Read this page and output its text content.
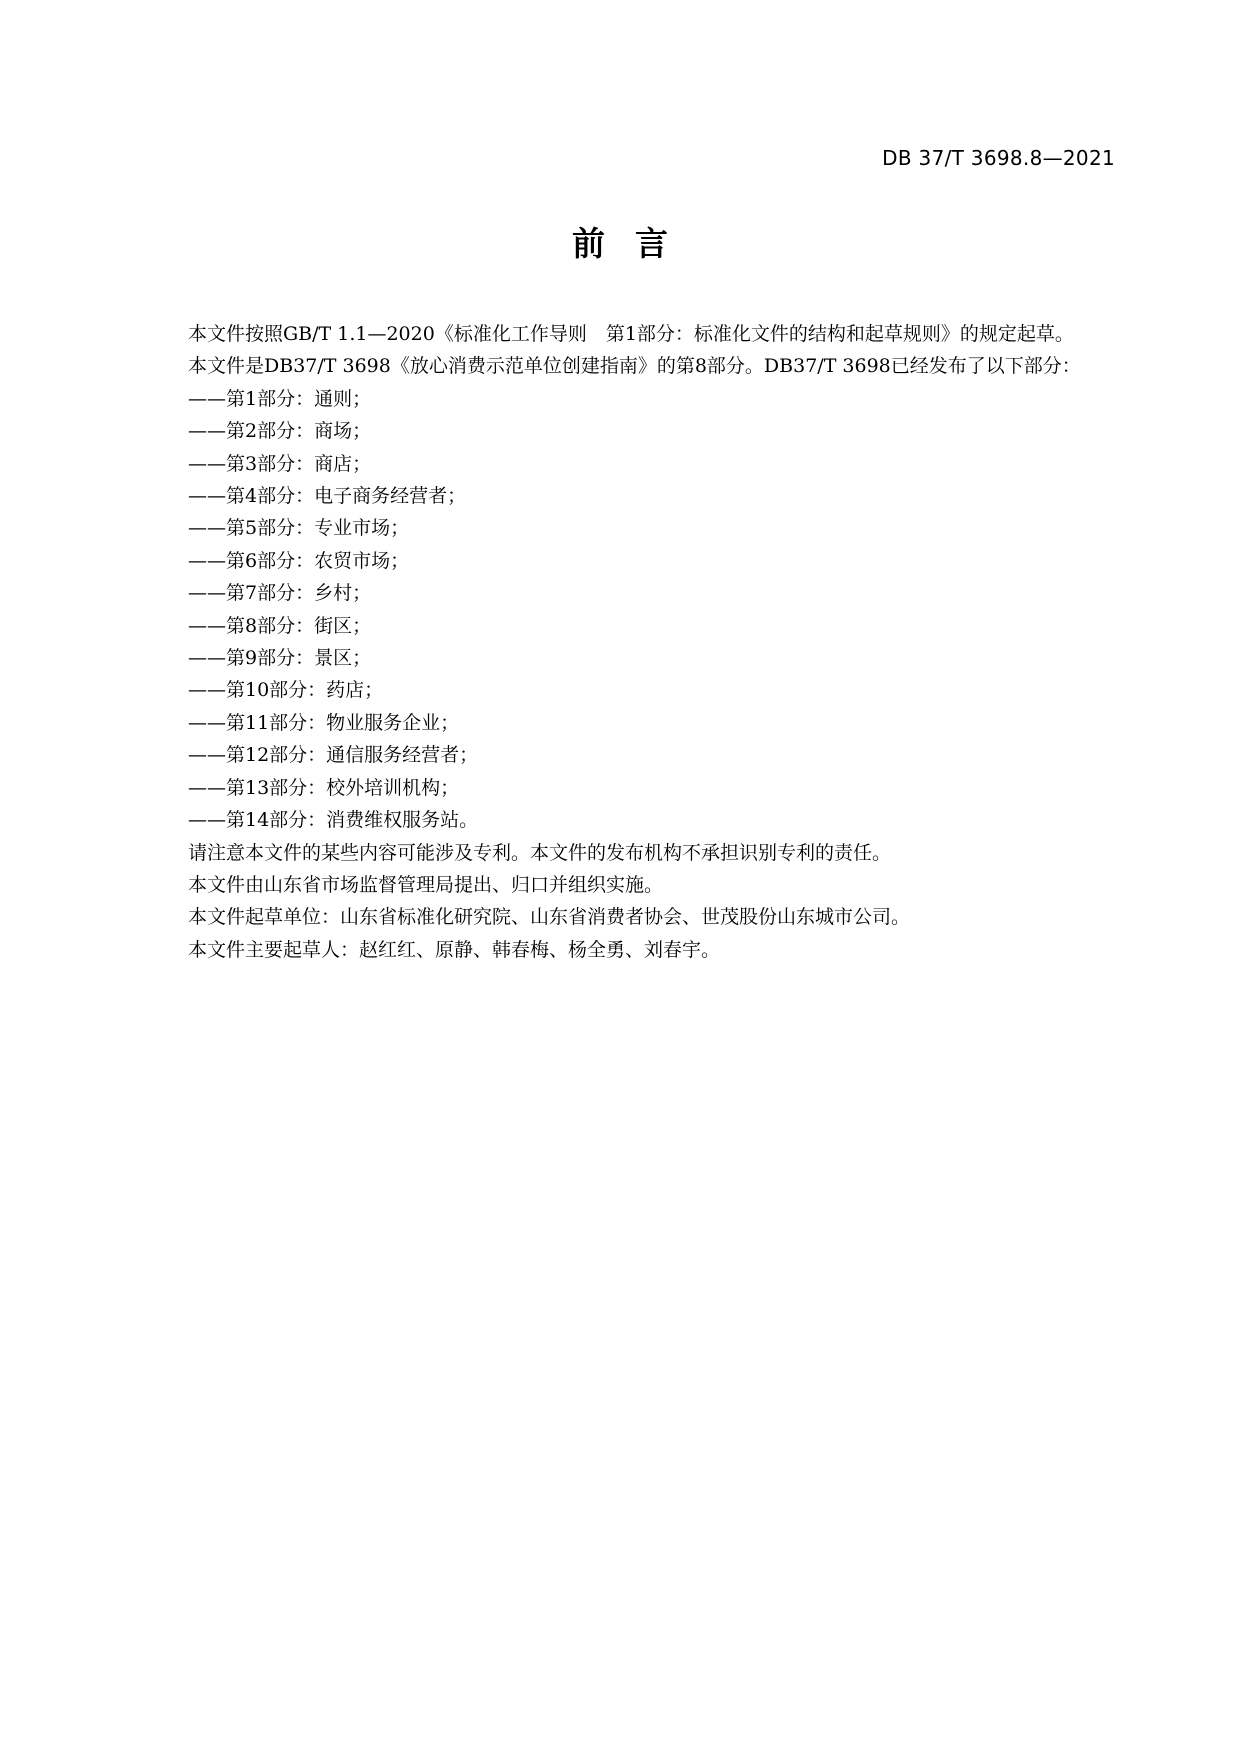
DB 37/T 3698.8—2021
前言

本文件按照GB/T 1.1—2020《标准化工作导则　第1部分：标准化文件的结构和起草规则》的规定起草。

本文件是DB37/T 3698《放心消费示范单位创建指南》的第8部分。DB37/T 3698已经发布了以下部分：

——第1部分：通则；

——第2部分：商场；

——第3部分：商店；

——第4部分：电子商务经营者；

——第5部分：专业市场；

——第6部分：农贸市场；

——第7部分：乡村；

——第8部分：街区；

——第9部分：景区；

——第10部分：药店；

——第11部分：物业服务企业；

——第12部分：通信服务经营者；

——第13部分：校外培训机构；

——第14部分：消费维权服务站。

请注意本文件的某些内容可能涉及专利。本文件的发布机构不承担识别专利的责任。

本文件由山东省市场监督管理局提出、归口并组织实施。

本文件起草单位：山东省标准化研究院、山东省消费者协会、世茂股份山东城市公司。

本文件主要起草人：赵红红、原静、韩春梅、杨全勇、刘春宇。
